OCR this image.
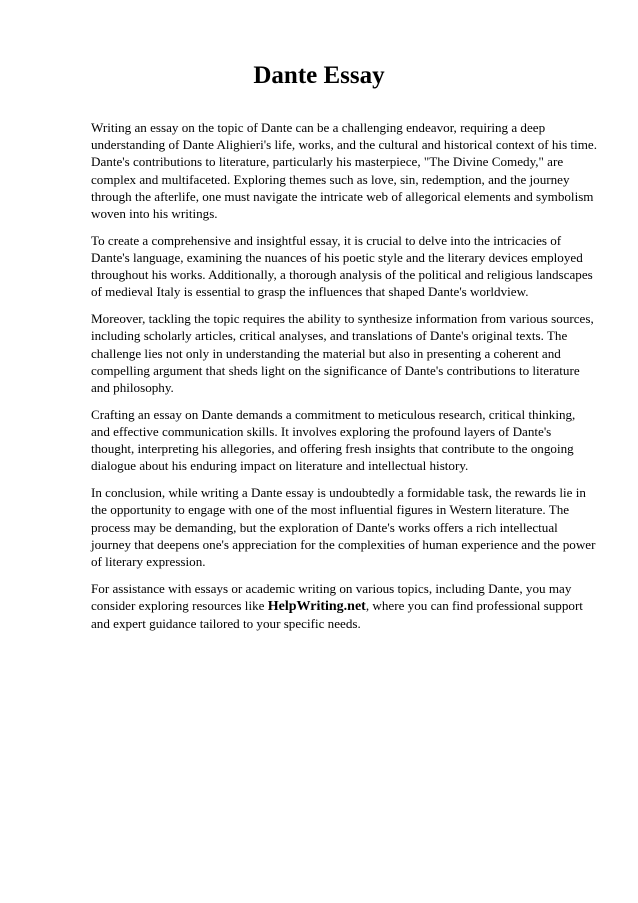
Dante Essay

Writing an essay on the topic of Dante can be a challenging endeavor, requiring a deep understanding of Dante Alighieri's life, works, and the cultural and historical context of his time. Dante's contributions to literature, particularly his masterpiece, "The Divine Comedy," are complex and multifaceted. Exploring themes such as love, sin, redemption, and the journey through the afterlife, one must navigate the intricate web of allegorical elements and symbolism woven into his writings.

To create a comprehensive and insightful essay, it is crucial to delve into the intricacies of Dante's language, examining the nuances of his poetic style and the literary devices employed throughout his works. Additionally, a thorough analysis of the political and religious landscapes of medieval Italy is essential to grasp the influences that shaped Dante's worldview.

Moreover, tackling the topic requires the ability to synthesize information from various sources, including scholarly articles, critical analyses, and translations of Dante's original texts. The challenge lies not only in understanding the material but also in presenting a coherent and compelling argument that sheds light on the significance of Dante's contributions to literature and philosophy.

Crafting an essay on Dante demands a commitment to meticulous research, critical thinking, and effective communication skills. It involves exploring the profound layers of Dante's thought, interpreting his allegories, and offering fresh insights that contribute to the ongoing dialogue about his enduring impact on literature and intellectual history.

In conclusion, while writing a Dante essay is undoubtedly a formidable task, the rewards lie in the opportunity to engage with one of the most influential figures in Western literature. The process may be demanding, but the exploration of Dante's works offers a rich intellectual journey that deepens one's appreciation for the complexities of human experience and the power of literary expression.

For assistance with essays or academic writing on various topics, including Dante, you may consider exploring resources like HelpWriting.net, where you can find professional support and expert guidance tailored to your specific needs.
